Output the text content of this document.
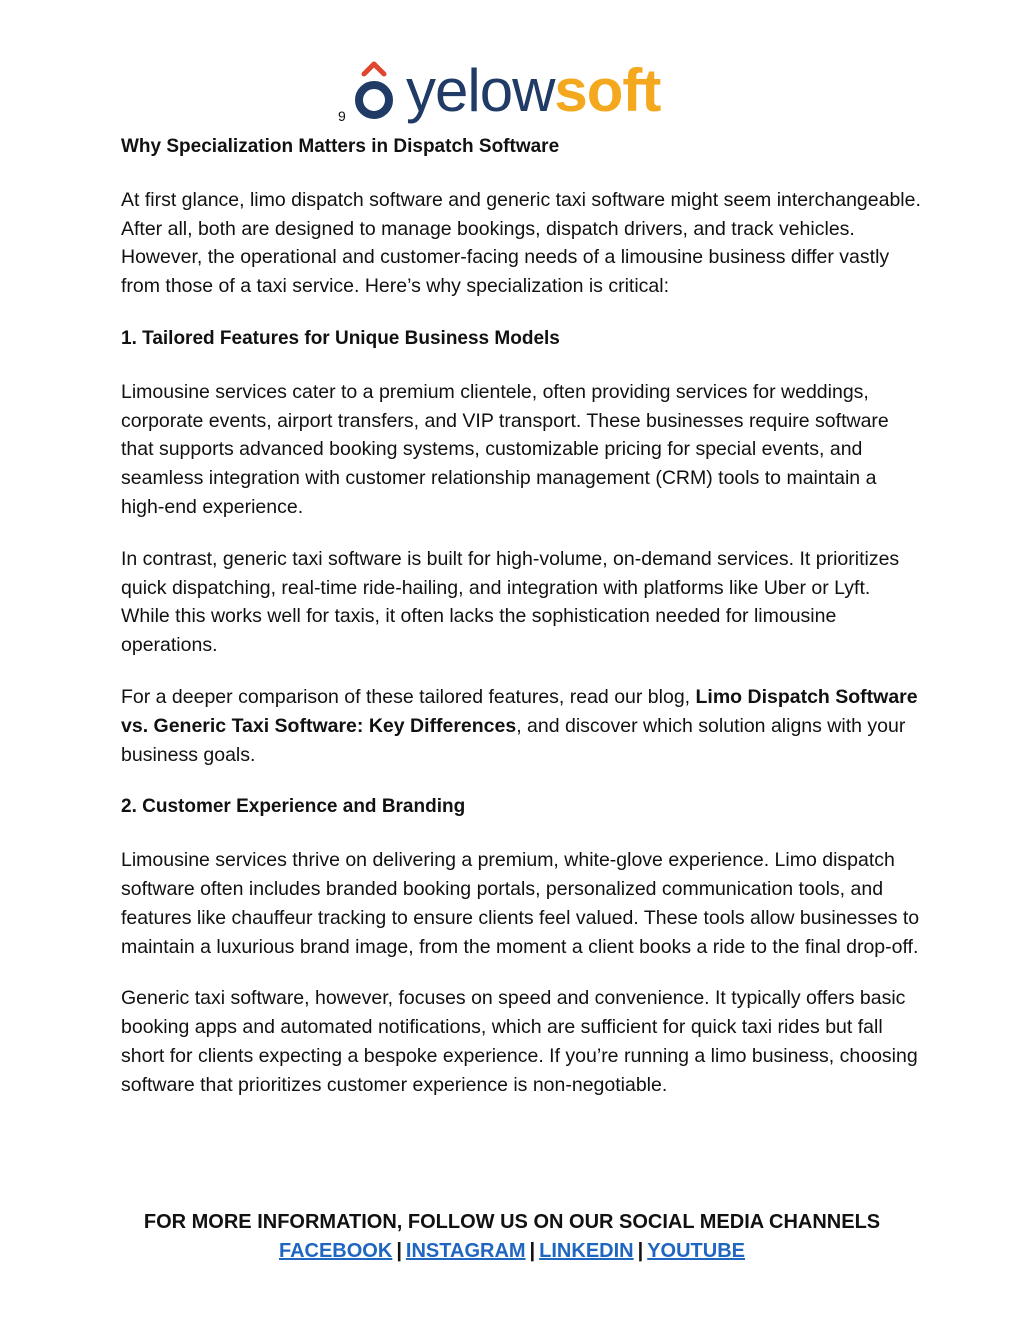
yelowsoft
9

Why Specialization Matters in Dispatch Software

At first glance, limo dispatch software and generic taxi software might seem interchangeable. After all, both are designed to manage bookings, dispatch drivers, and track vehicles. However, the operational and customer-facing needs of a limousine business differ vastly from those of a taxi service. Here’s why specialization is critical:

1. Tailored Features for Unique Business Models

Limousine services cater to a premium clientele, often providing services for weddings, corporate events, airport transfers, and VIP transport. These businesses require software that supports advanced booking systems, customizable pricing for special events, and seamless integration with customer relationship management (CRM) tools to maintain a high-end experience.

In contrast, generic taxi software is built for high-volume, on-demand services. It prioritizes quick dispatching, real-time ride-hailing, and integration with platforms like Uber or Lyft. While this works well for taxis, it often lacks the sophistication needed for limousine operations.

For a deeper comparison of these tailored features, read our blog, Limo Dispatch Software vs. Generic Taxi Software: Key Differences, and discover which solution aligns with your business goals.

2. Customer Experience and Branding

Limousine services thrive on delivering a premium, white-glove experience. Limo dispatch software often includes branded booking portals, personalized communication tools, and features like chauffeur tracking to ensure clients feel valued. These tools allow businesses to maintain a luxurious brand image, from the moment a client books a ride to the final drop-off.

Generic taxi software, however, focuses on speed and convenience. It typically offers basic booking apps and automated notifications, which are sufficient for quick taxi rides but fall short for clients expecting a bespoke experience. If you’re running a limo business, choosing software that prioritizes customer experience is non-negotiable.

FOR MORE INFORMATION, FOLLOW US ON OUR SOCIAL MEDIA CHANNELS
FACEBOOK | INSTAGRAM | LINKEDIN | YOUTUBE
